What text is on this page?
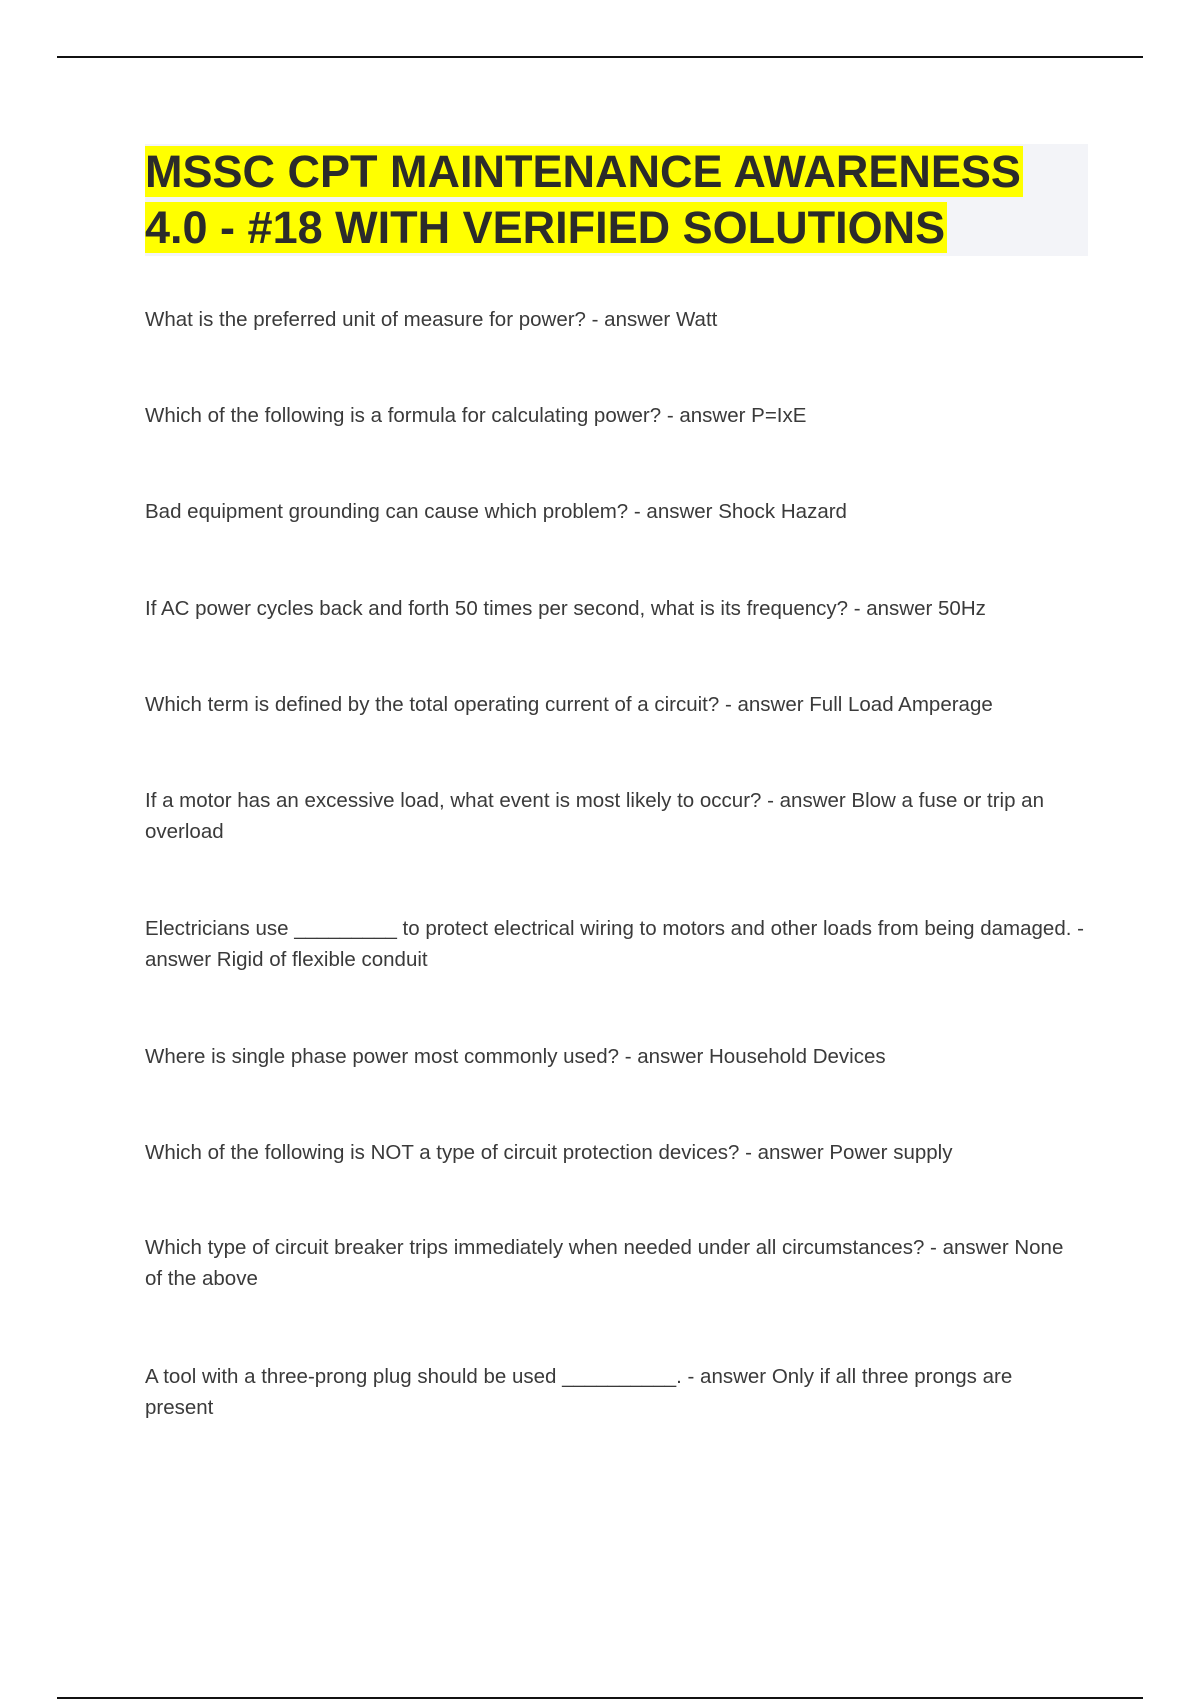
MSSC CPT MAINTENANCE AWARENESS
4.0 - #18 WITH VERIFIED SOLUTIONS
What is the preferred unit of measure for power? - answer Watt
Which of the following is a formula for calculating power? - answer P=IxE
Bad equipment grounding can cause which problem? - answer Shock Hazard
If AC power cycles back and forth 50 times per second, what is its frequency? - answer 50Hz
Which term is defined by the total operating current of a circuit? - answer Full Load Amperage
If a motor has an excessive load, what event is most likely to occur? - answer Blow a fuse or trip an overload
Electricians use _________ to protect electrical wiring to motors and other loads from being damaged. - answer Rigid of flexible conduit
Where is single phase power most commonly used? - answer Household Devices
Which of the following is NOT a type of circuit protection devices? - answer Power supply
Which type of circuit breaker trips immediately when needed under all circumstances? - answer None of the above
A tool with a three-prong plug should be used __________. - answer Only if all three prongs are present
